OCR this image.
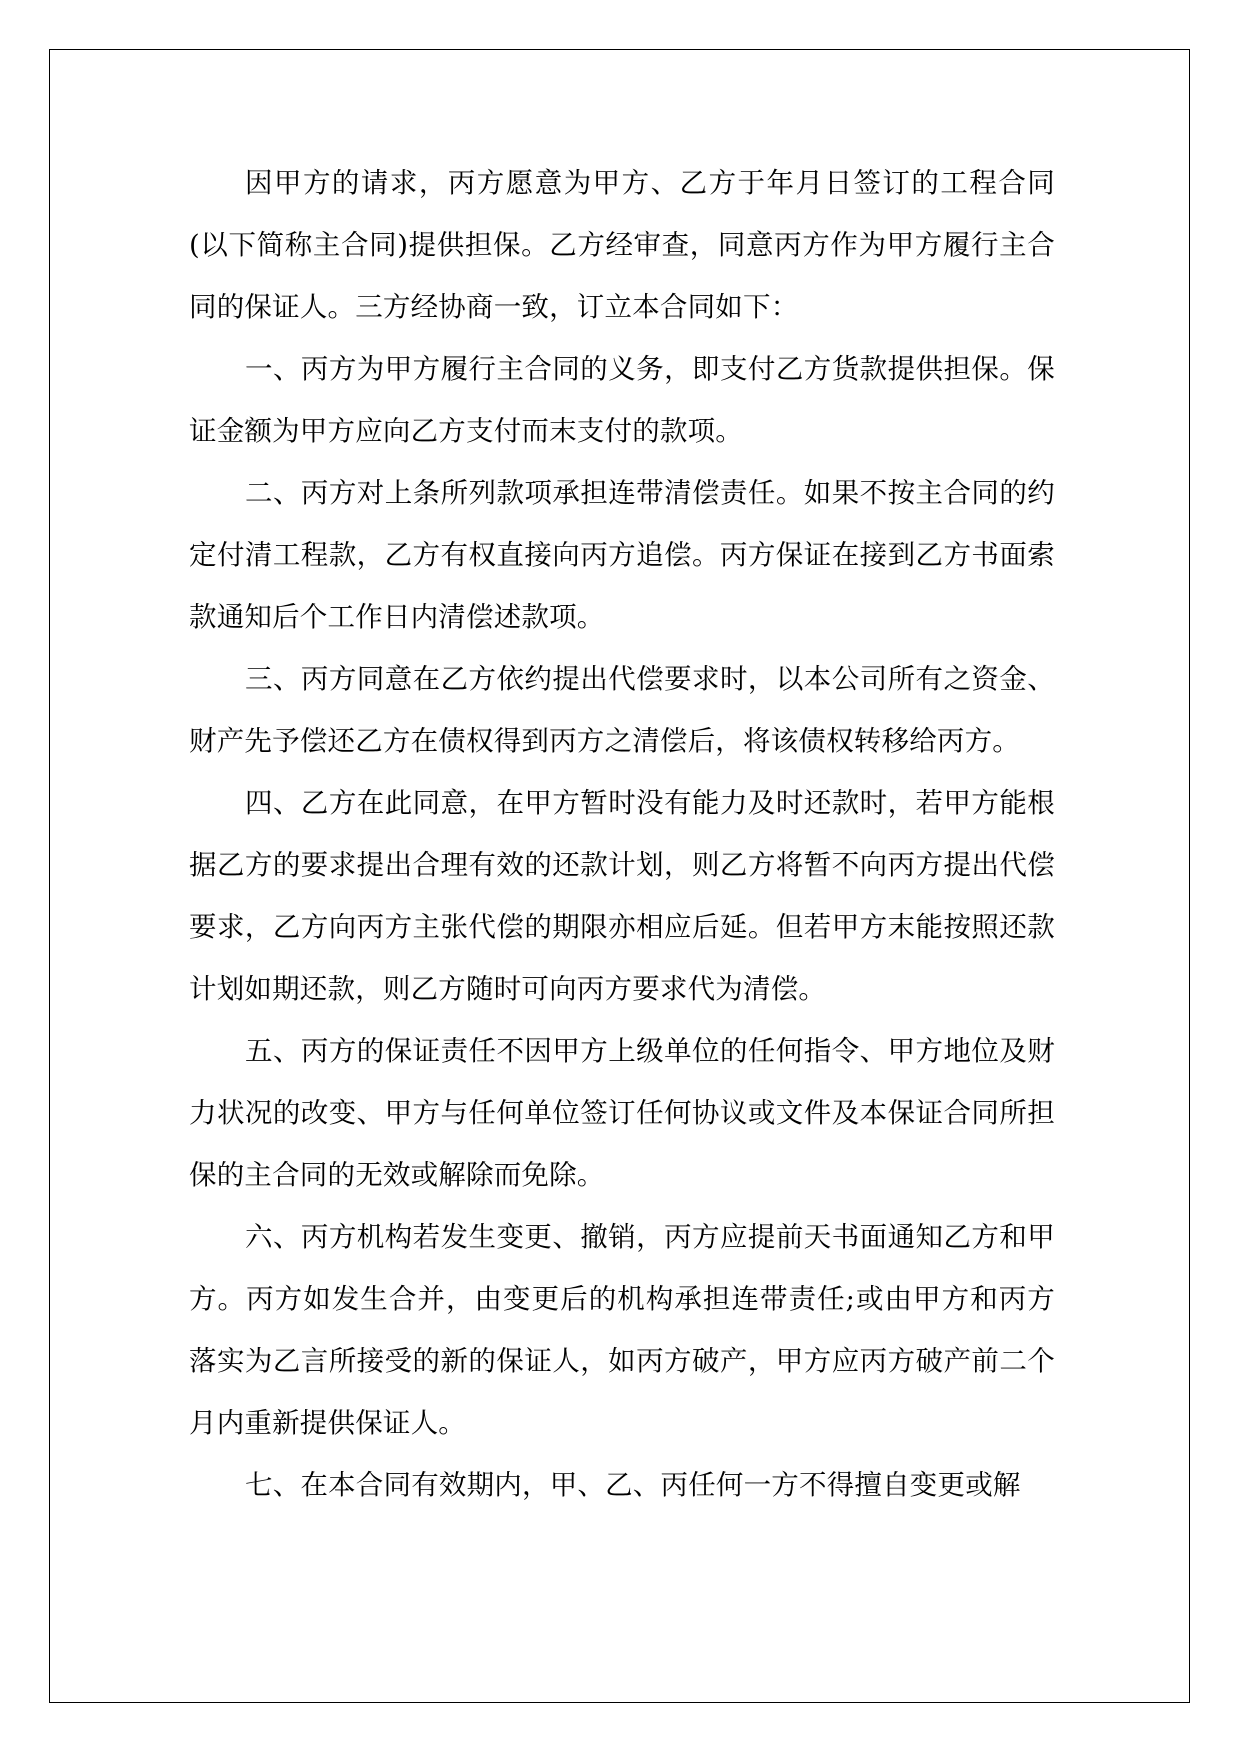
因甲方的请求，丙方愿意为甲方、乙方于年月日签订的工程合同(以下简称主合同)提供担保。乙方经审查，同意丙方作为甲方履行主合同的保证人。三方经协商一致，订立本合同如下：

一、丙方为甲方履行主合同的义务，即支付乙方货款提供担保。保证金额为甲方应向乙方支付而末支付的款项。

二、丙方对上条所列款项承担连带清偿责任。如果不按主合同的约定付清工程款，乙方有权直接向丙方追偿。丙方保证在接到乙方书面索款通知后个工作日内清偿述款项。

三、丙方同意在乙方依约提出代偿要求时，以本公司所有之资金、财产先予偿还乙方在债权得到丙方之清偿后，将该债权转移给丙方。

四、乙方在此同意，在甲方暂时没有能力及时还款时，若甲方能根据乙方的要求提出合理有效的还款计划，则乙方将暂不向丙方提出代偿要求，乙方向丙方主张代偿的期限亦相应后延。但若甲方末能按照还款计划如期还款，则乙方随时可向丙方要求代为清偿。

五、丙方的保证责任不因甲方上级单位的任何指令、甲方地位及财力状况的改变、甲方与任何单位签订任何协议或文件及本保证合同所担保的主合同的无效或解除而免除。

六、丙方机构若发生变更、撤销，丙方应提前天书面通知乙方和甲方。丙方如发生合并，由变更后的机构承担连带责任;或由甲方和丙方落实为乙言所接受的新的保证人，如丙方破产，甲方应丙方破产前二个月内重新提供保证人。

七、在本合同有效期内，甲、乙、丙任何一方不得擅自变更或解
